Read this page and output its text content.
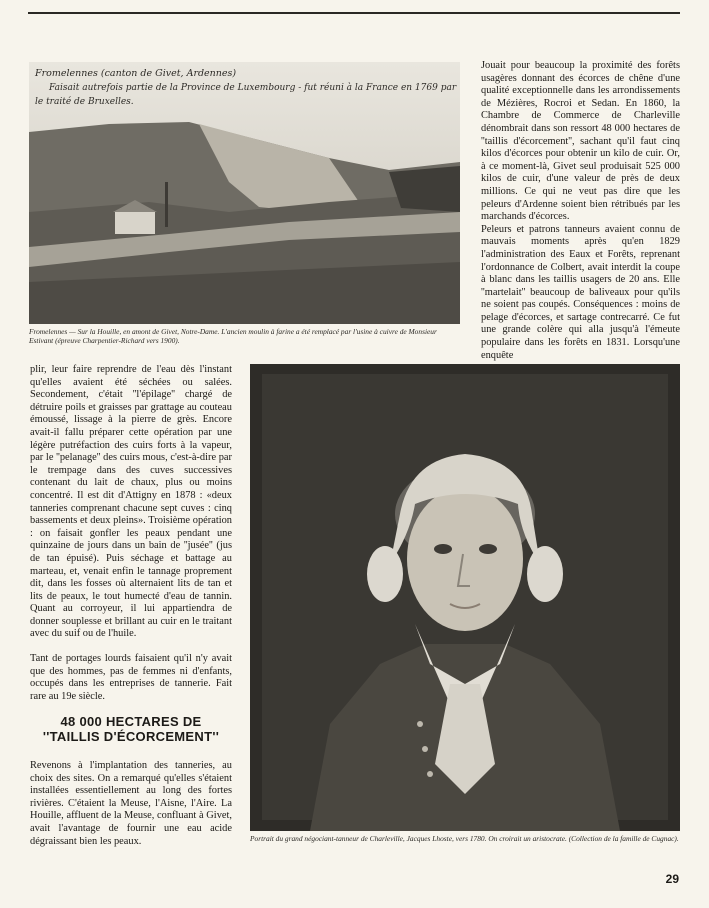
Fromelennes (canton de Givet, Ardennes)
Faisait autrefois partie de la Province de Luxembourg - fut réuni à la France en 1769 par
le traité de Bruxelles.
Fromelennes — Sur la Houille, en amont de Givet, Notre-Dame. L'ancien moulin à farine a été remplacé par l'usine à cuivre de Monsieur Estivant (épreuve Charpentier-Richard vers 1900).

Jouait pour beaucoup la proximité des forêts usagères donnant des écorces de chêne d'une qualité exceptionnelle dans les arrondissements de Mézières, Rocroi et Sedan. En 1860, la Chambre de Commerce de Charleville dénombrait dans son ressort 48 000 hectares de ''taillis d'écorcement'', sachant qu'il faut cinq kilos d'écorces pour obtenir un kilo de cuir. Or, à ce moment-là, Givet seul produisait 525 000 kilos de cuir, d'une valeur de près de deux millions. Ce qui ne veut pas dire que les peleurs d'Ardenne soient bien rétribués par les marchands d'écorces.

Peleurs et patrons tanneurs avaient connu de mauvais moments après qu'en 1829 l'administration des Eaux et Forêts, reprenant l'ordonnance de Colbert, avait interdit la coupe à blanc dans les taillis usagers de 20 ans. Elle ''martelait'' beaucoup de baliveaux pour qu'ils ne soient pas coupés. Conséquences : moins de pelage d'écorces, et sartage contrecarré. Ce fut une grande colère qui alla jusqu'à l'émeute populaire dans les forêts en 1831. Lorsqu'une enquête

plir, leur faire reprendre de l'eau dès l'instant qu'elles avaient été séchées ou salées. Secondement, c'était ''l'épilage'' chargé de détruire poils et graisses par grattage au couteau émoussé, lissage à la pierre de grès. Encore avait-il fallu préparer cette opération par une légère putréfaction des cuirs forts à la vapeur, par le ''pelanage'' des cuirs mous, c'est-à-dire par le trempage dans des cuves successives contenant du lait de chaux, plus ou moins concentré. Il est dit d'Attigny en 1878 : «deux tanneries comprenant chacune sept cuves : cinq bassements et deux pleins». Troisième opération : on faisait gonfler les peaux pendant une quinzaine de jours dans un bain de ''jusée'' (jus de tan épuisé). Puis séchage et battage au marteau, et, venait enfin le tannage proprement dit, dans les fosses où alternaient lits de tan et lits de peaux, le tout humecté d'eau de tannin. Quant au corroyeur, il lui appartiendra de donner souplesse et brillant au cuir en le traitant avec du suif ou de l'huile.

Tant de portages lourds faisaient qu'il n'y avait que des hommes, pas de femmes ni d'enfants, occupés dans les entreprises de tannerie. Fait rare au 19e siècle.

48 000 HECTARES DE
''TAILLIS D'ÉCORCEMENT''

Revenons à l'implantation des tanneries, au choix des sites. On a remarqué qu'elles s'étaient installées essentiellement au long des fortes rivières. C'étaient la Meuse, l'Aisne, l'Aire. La Houille, affluent de la Meuse, confluant à Givet, avait l'avantage de fournir une eau acide dégraissant bien les peaux.	Portrait du grand négociant-tanneur de Charleville, Jacques Lhoste, vers 1780. On croirait un aristocrate. (Collection de la famille de Cugnac).
29
